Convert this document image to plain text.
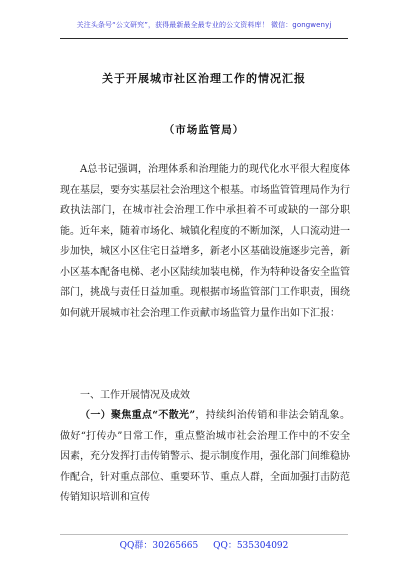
关注头条号“公文研究”，获得最新最全最专业的公文资料库！ 微信：gongwenyj
关于开展城市社区治理工作的情况汇报
（市场监管局）
A总书记强调，治理体系和治理能力的现代化水平很大程度体现在基层，要夯实基层社会治理这个根基。市场监管管理局作为行政执法部门，在城市社会治理工作中承担着不可或缺的一部分职能。近年来，随着市场化、城镇化程度的不断加深，人口流动进一步加快，城区小区住宅日益增多，新老小区基础设施逐步完善，新小区基本配备电梯、老小区陆续加装电梯，作为特种设备安全监管部门，挑战与责任日益加重。现根据市场监管部门工作职责，围绕如何就开展城市社会治理工作贡献市场监管力量作出如下汇报：
一、工作开展情况及成效
（一）聚焦重点“不散光”，持续纠治传销和非法会销乱象。做好“打传办”日常工作，重点整治城市社会治理工作中的不安全因素，充分发挥打击传销警示、提示制度作用，强化部门间维稳协作配合，针对重点部位、重要环节、重点人群，全面加强打击防范传销知识培训和宣传
QQ群：30265665 QQ：535304092
